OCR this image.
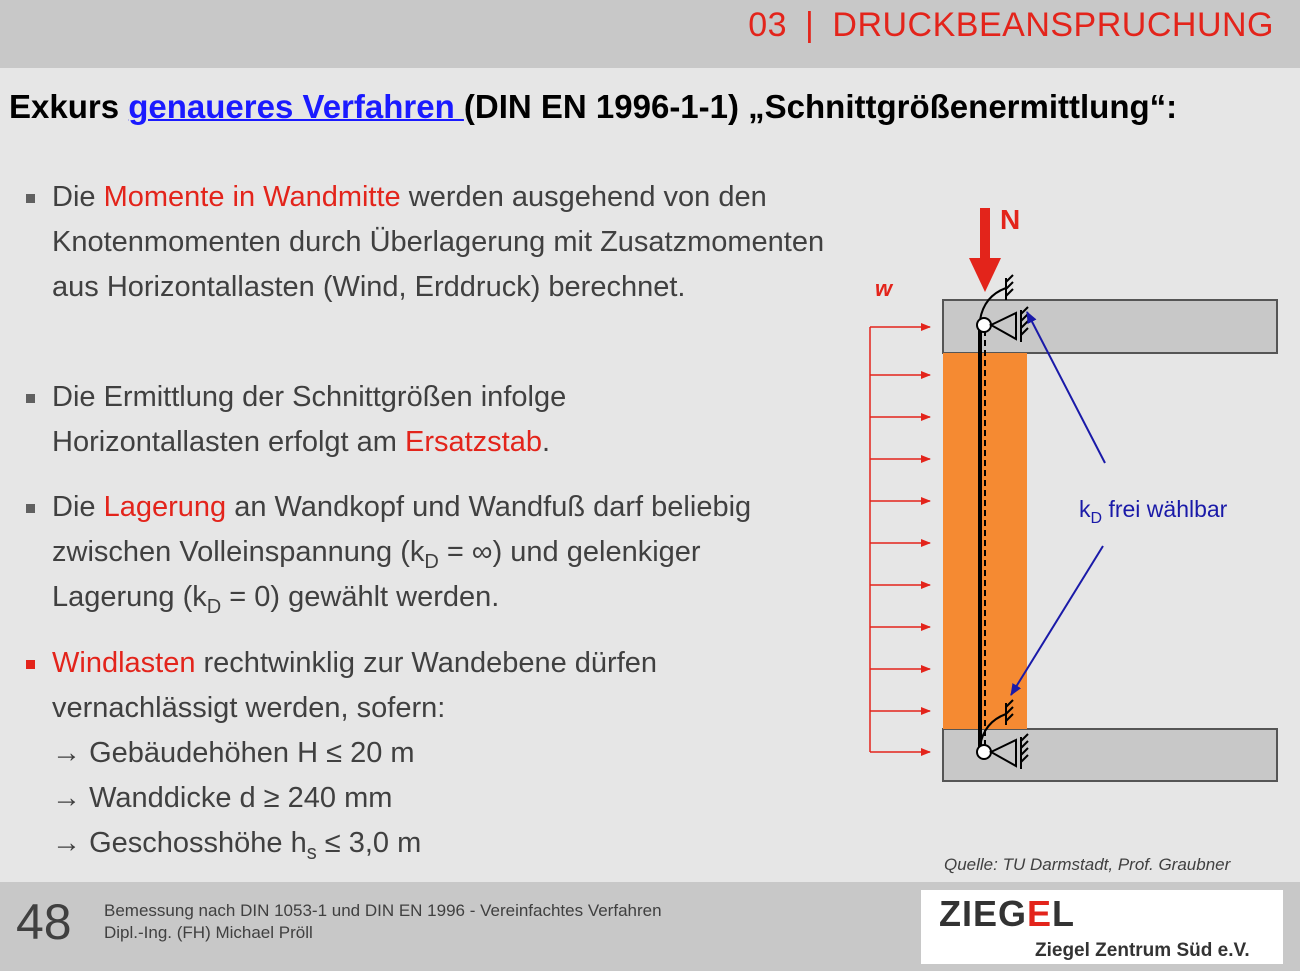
03 | DRUCKBEANSPRUCHUNG
Exkurs genaueres Verfahren (DIN EN 1996-1-1) „Schnittgrößenermittlung“:
Die Momente in Wandmitte werden ausgehend von den Knotenmomenten durch Überlagerung mit Zusatzmomenten aus Horizontallasten (Wind, Erddruck) berechnet.
Die Ermittlung der Schnittgrößen infolge Horizontallasten erfolgt am Ersatzstab.
Die Lagerung an Wandkopf und Wandfuß darf beliebig zwischen Volleinspannung ($k_D$ = ∞) und gelenkiger Lagerung $(k_D = 0)$ gewählt werden.
Windlasten rechtwinklig zur Wandebene dürfen vernachlässigt werden, sofern:
→ Gebäudehöhen H ≤ 20 m
→ Wanddicke d ≥ 240 mm
→ Geschosshöhe $h_s \le 3,0$ m
N
w
$k_D$ frei wählbar
Quelle: TU Darmstadt, Prof. Graubner
48 Bemessung nach DIN 1053-1 und DIN EN 1996 - Vereinfachtes Verfahren
Dipl.-Ing. (FH) Michael Pröll	ZIEGEL
Ziegel Zentrum Süd e.V.
